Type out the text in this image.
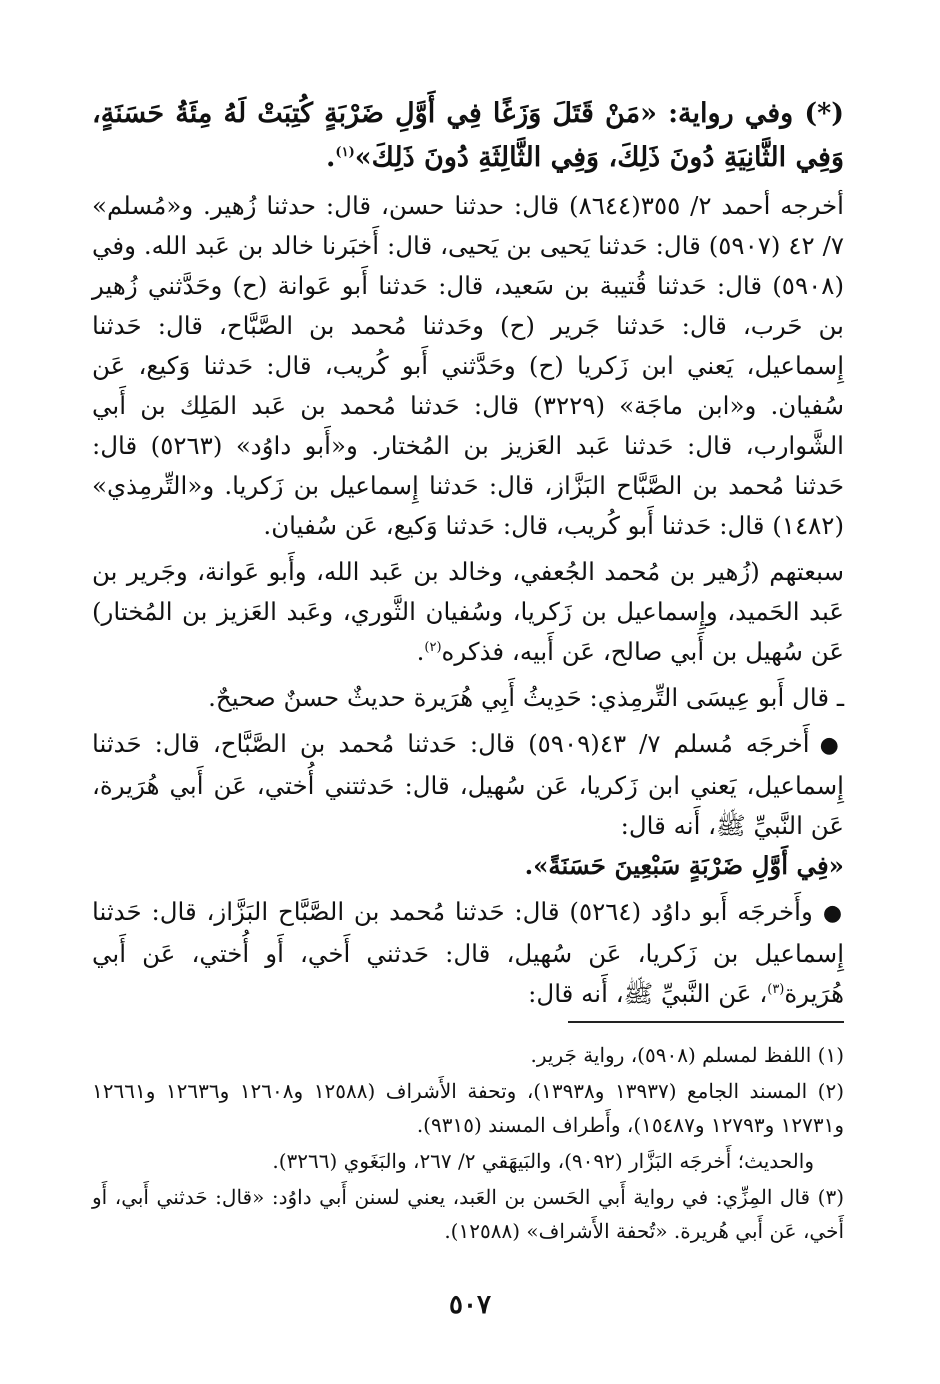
(*) وفي رواية: «مَنْ قَتَلَ وَزَغًا فِي أَوَّلِ ضَرْبَةٍ كُتِبَتْ لَهُ مِئَةُ حَسَنَةٍ، وَفِي الثَّانِيَةِ دُونَ ذَلِكَ، وَفِي الثَّالِثَةِ دُونَ ذَلِكَ»$^{(١)}$.

أخرجه أحمد ٢/ ٣٥٥(٨٦٤٤) قال: حدثنا حسن، قال: حدثنا زُهير. و«مُسلم» ٧/ ٤٢ (٥٩٠٧) قال: حَدثنا يَحيى بن يَحيى، قال: أَخبَرنا خالد بن عَبد الله. وفي (٥٩٠٨) قال: حَدثنا قُتيبة بن سَعيد، قال: حَدثنا أَبو عَوانة (ح) وحَدَّثني زُهير بن حَرب، قال: حَدثنا جَرير (ح) وحَدثنا مُحمد بن الصَّبَّاح، قال: حَدثنا إِسماعيل، يَعني ابن زَكريا (ح) وحَدَّثني أَبو كُريب، قال: حَدثنا وَكيع، عَن سُفيان. و«ابن ماجَة» (٣٢٢٩) قال: حَدثنا مُحمد بن عَبد المَلِك بن أَبي الشَّوارب، قال: حَدثنا عَبد العَزيز بن المُختار. و«أَبو داوُد» (٥٢٦٣) قال: حَدثنا مُحمد بن الصَّبَّاح البَزَّاز، قال: حَدثنا إِسماعيل بن زَكريا. و«التِّرمِذي» (١٤٨٢) قال: حَدثنا أَبو كُريب، قال: حَدثنا وَكيع، عَن سُفيان.

سبعتهم (زُهير بن مُحمد الجُعفي، وخالد بن عَبد الله، وأَبو عَوانة، وجَرير بن عَبد الحَميد، وإِسماعيل بن زَكريا، وسُفيان الثَّوري، وعَبد العَزيز بن المُختار) عَن سُهيل بن أَبي صالح، عَن أَبيه، فذكره$^{(٢)}$.

ـ قال أَبو عِيسَى التِّرمِذي: حَدِيثُ أَبِي هُرَيرة حديثٌ حسنٌ صحيحٌ.

●أَخرجَه مُسلم ٧/ ٤٣(٥٩٠٩) قال: حَدثنا مُحمد بن الصَّبَّاح، قال: حَدثنا إِسماعيل، يَعني ابن زَكريا، عَن سُهيل، قال: حَدثتني أُختي، عَن أَبي هُرَيرة، عَن النَّبيِّ ﷺ، أَنه قال:
«فِي أَوَّلِ ضَرْبَةٍ سَبْعِينَ حَسَنَةً».

●وأَخرجَه أَبو داوُد (٥٢٦٤) قال: حَدثنا مُحمد بن الصَّبَّاح البَزَّاز، قال: حَدثنا إِسماعيل بن زَكريا، عَن سُهيل، قال: حَدثني أَخي، أَو أُختي، عَن أَبي هُرَيرة$^{(٣)}$، عَن النَّبيِّ ﷺ، أَنه قال:

(١) اللفظ لمسلم (٥٩٠٨)، رواية جَرير.

(٢) المسند الجامع (١٣٩٣٧ و١٣٩٣٨)، وتحفة الأَشراف (١٢٥٨٨ و١٢٦٠٨ و١٢٦٣٦ و١٢٦٦١ و١٢٧٣١ و١٢٧٩٣ و١٥٤٨٧)، وأَطراف المسند (٩٣١٥).

والحديث؛ أَخرجَه البَزَّار (٩٠٩٢)، والبَيهَقي ٢/ ٢٦٧، والبَغَوي (٣٢٦٦).

(٣) قال المِزِّي: في رواية أَبي الحَسن بن العَبد، يعني لسنن أَبي داوُد: «قال: حَدثني أَبي، أَو أَخي، عَن أَبي هُريرة. «تُحفة الأَشراف» (١٢٥٨٨).

٥٠٧
